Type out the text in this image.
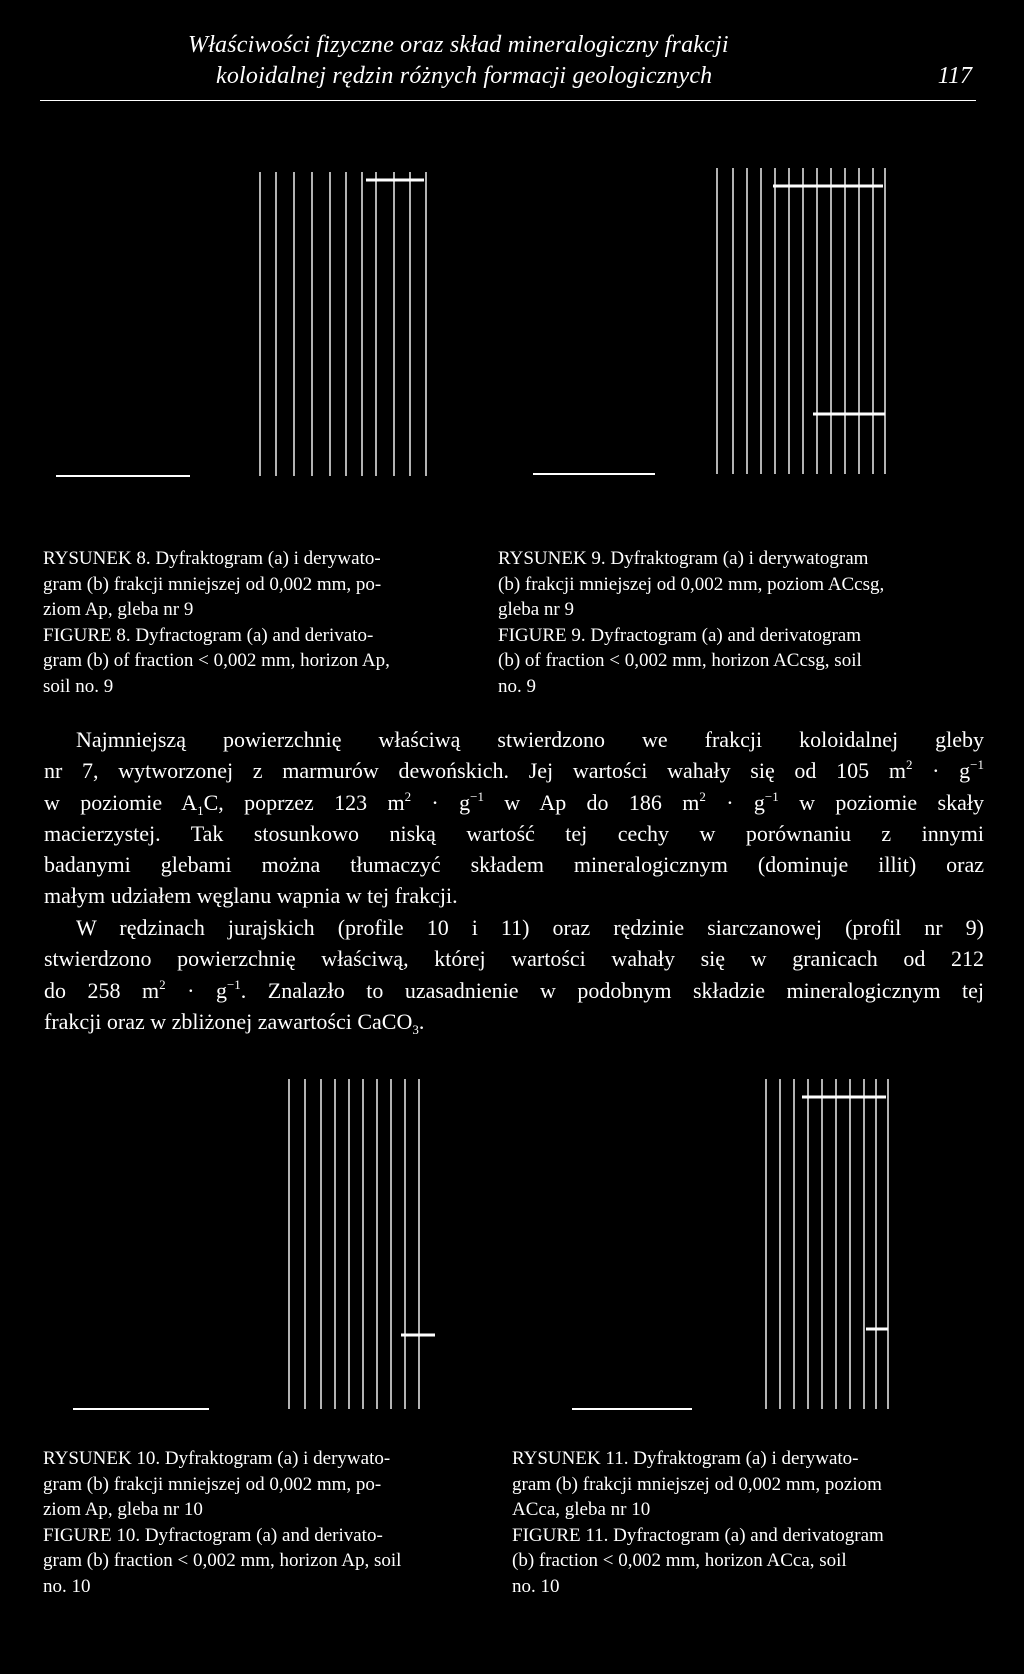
Właściwości fizyczne oraz skład mineralogiczny frakcji
koloidalnej rędzin różnych formacji geologicznych	117
RYSUNEK 8. Dyfraktogram (a) i derywato-
gram (b) frakcji mniejszej od 0,002 mm, po-
ziom Ap, gleba nr 9
FIGURE 8. Dyfractogram (a) and derivato-
gram (b) of fraction < 0,002 mm, horizon Ap,
soil no. 9
RYSUNEK 9. Dyfraktogram (a) i derywatogram
(b) frakcji mniejszej od 0,002 mm, poziom ACcsg,
gleba nr 9
FIGURE 9. Dyfractogram (a) and derivatogram
(b) of fraction < 0,002 mm, horizon ACcsg, soil
no. 9
Najmniejszą powierzchnię właściwą stwierdzono we frakcji koloidalnej gleby
nr 7, wytworzonej z marmurów dewońskich. Jej wartości wahały się od 105 $m^2 \cdot g^{-1}$
w poziomie $A_1C$, poprzez 123 $m^2 \cdot g^{-1}$ w Ap do 186 $m^2 \cdot g^{-1}$ w poziomie skały
macierzystej. Tak stosunkowo niską wartość tej cechy w porównaniu z innymi
badanymi glebami można tłumaczyć składem mineralogicznym (dominuje illit) oraz
małym udziałem węglanu wapnia w tej frakcji.
W rędzinach jurajskich (profile 10 i 11) oraz rędzinie siarczanowej (profil nr 9)
stwierdzono powierzchnię właściwą, której wartości wahały się w granicach od 212
do 258 $m^2 \cdot g^{-1}$. Znalazło to uzasadnienie w podobnym składzie mineralogicznym tej
frakcji oraz w zbliżonej zawartości CaCO$_3$.
RYSUNEK 10. Dyfraktogram (a) i derywato-
gram (b) frakcji mniejszej od 0,002 mm, po-
ziom Ap, gleba nr 10
FIGURE 10. Dyfractogram (a) and derivato-
gram (b) fraction < 0,002 mm, horizon Ap, soil
no. 10
RYSUNEK 11. Dyfraktogram (a) i derywato-
gram (b) frakcji mniejszej od 0,002 mm, poziom
ACca, gleba nr 10
FIGURE 11. Dyfractogram (a) and derivatogram
(b) fraction < 0,002 mm, horizon ACca, soil
no. 10
